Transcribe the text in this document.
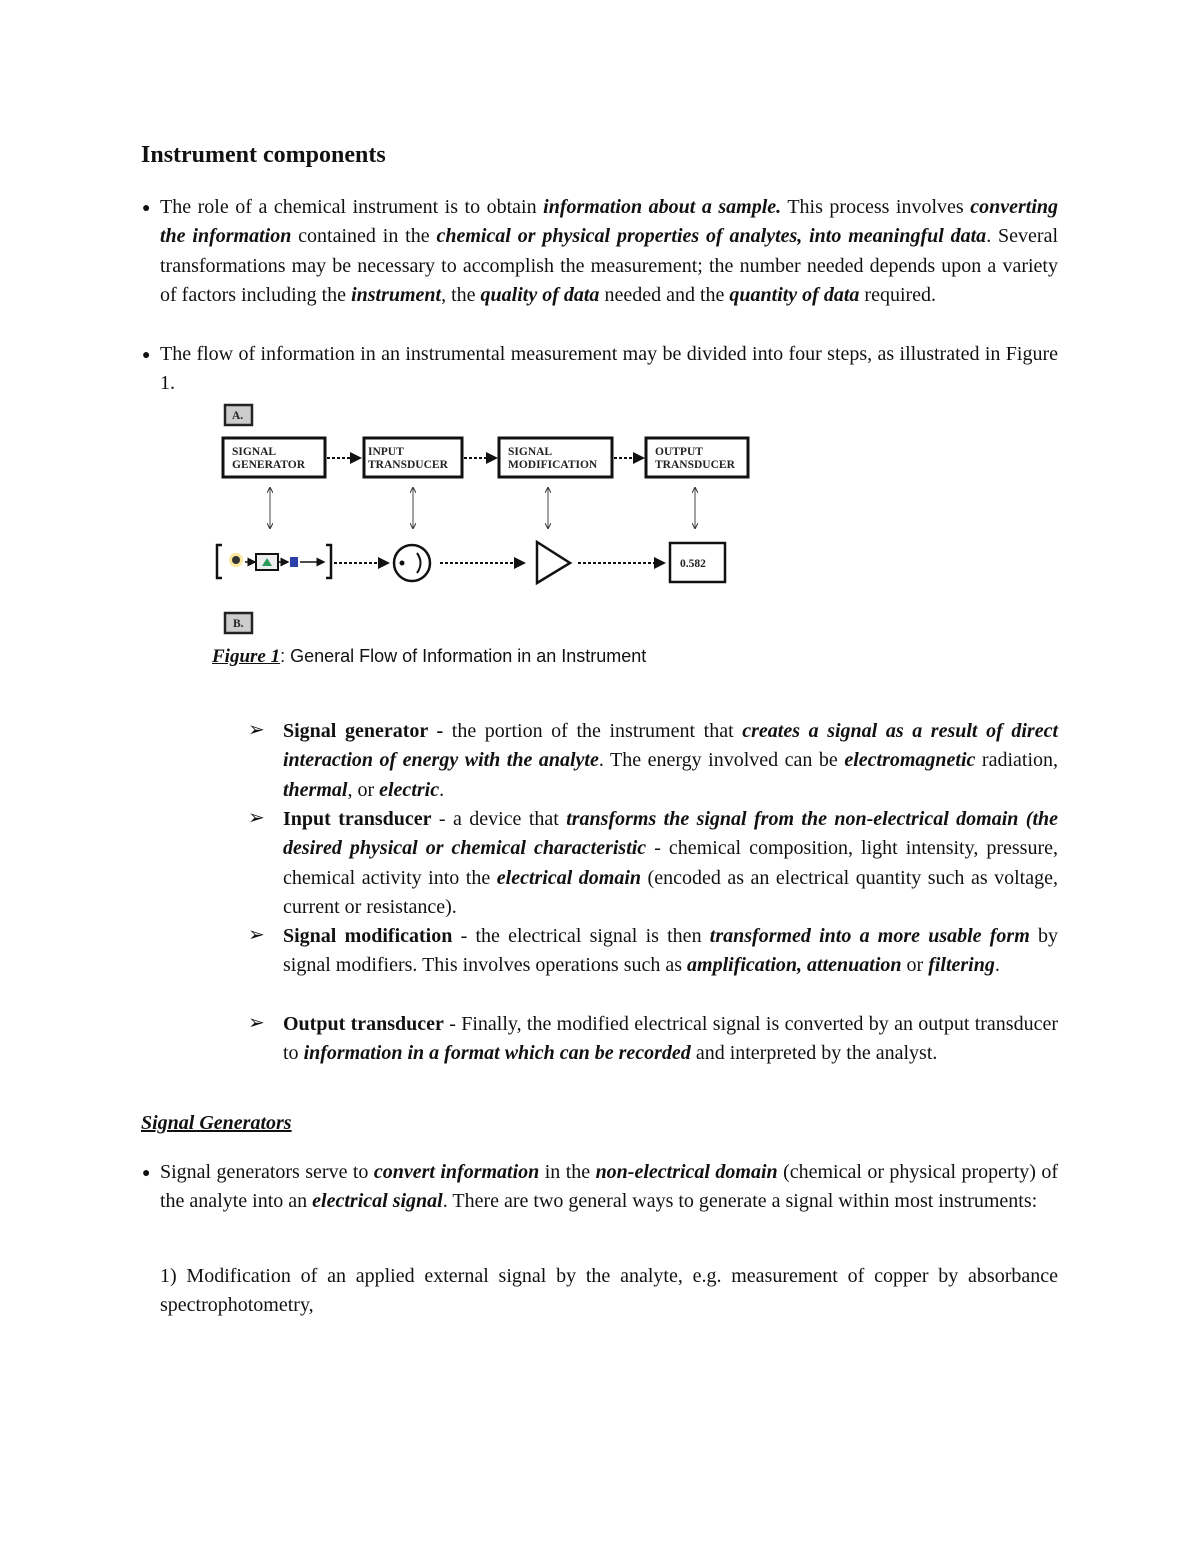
Instrument components
● The role of a chemical instrument is to obtain information about a sample. This process involves converting the information contained in the chemical or physical properties of analytes, into meaningful data. Several transformations may be necessary to accomplish the measurement; the number needed depends upon a variety of factors including the instrument, the quality of data needed and the quantity of data required.
● The flow of information in an instrumental measurement may be divided into four steps, as illustrated in Figure 1.
A.
SIGNAL
GENERATOR
INPUT
TRANSDUCER
SIGNAL
MODIFICATION
OUTPUT
TRANSDUCER
0.582
B.
Figure 1: General Flow of Information in an Instrument
➢ Signal generator - the portion of the instrument that creates a signal as a result of direct interaction of energy with the analyte. The energy involved can be electromagnetic radiation, thermal, or electric.
➢ Input transducer - a device that transforms the signal from the non-electrical domain (the desired physical or chemical characteristic - chemical composition, light intensity, pressure, chemical activity into the electrical domain (encoded as an electrical quantity such as voltage, current or resistance).
➢ Signal modification - the electrical signal is then transformed into a more usable form by signal modifiers. This involves operations such as amplification, attenuation or filtering.
➢ Output transducer - Finally, the modified electrical signal is converted by an output transducer to information in a format which can be recorded and interpreted by the analyst.
Signal Generators
● Signal generators serve to convert information in the non-electrical domain (chemical or physical property) of the analyte into an electrical signal. There are two general ways to generate a signal within most instruments:
1) Modification of an applied external signal by the analyte, e.g. measurement of copper by absorbance spectrophotometry,
